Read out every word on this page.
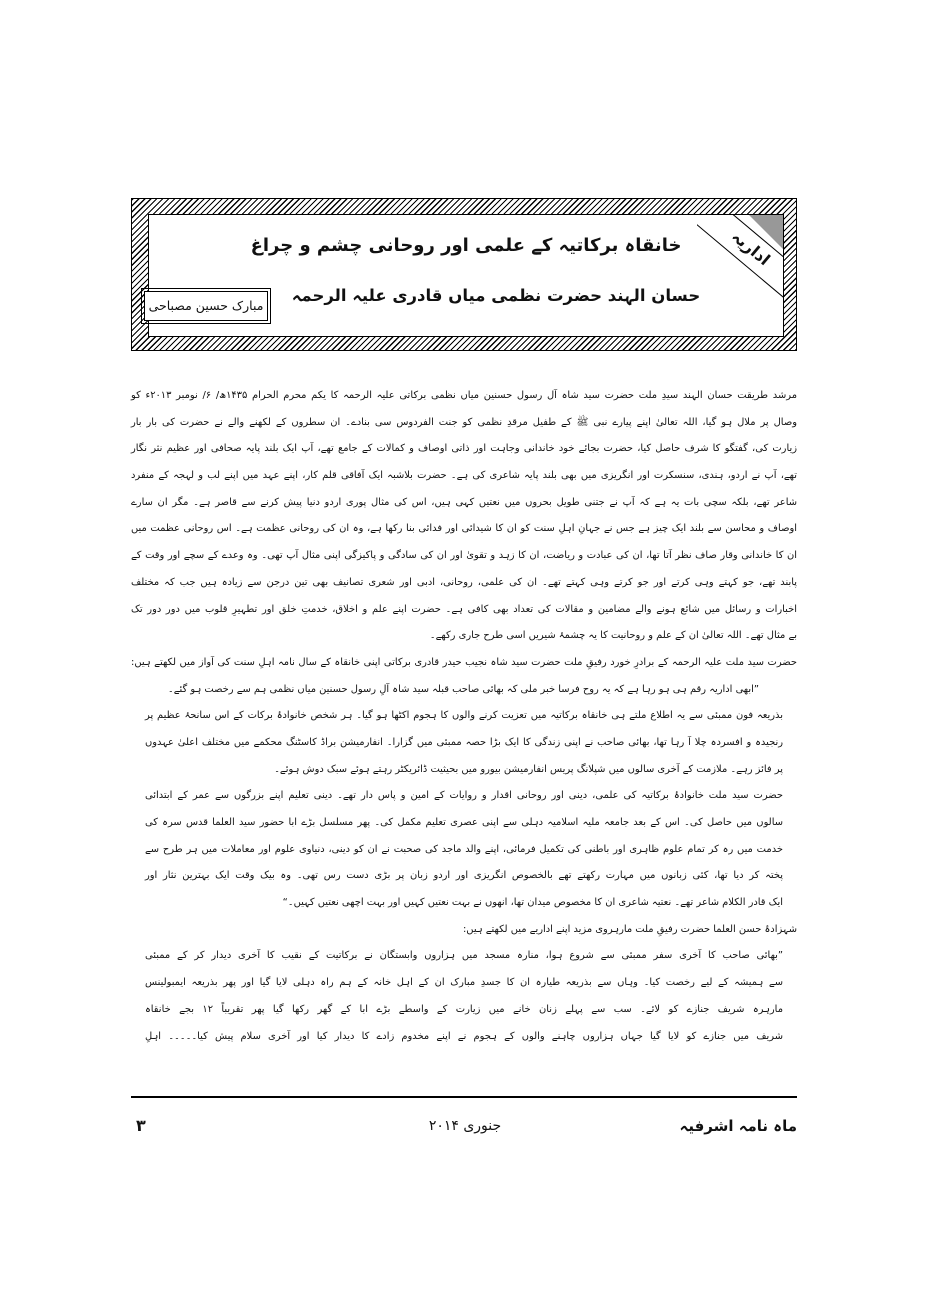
اداریہ
خانقاہ برکاتیہ کے علمی اور روحانی چشم و چراغ
حسان الہند حضرت نظمی میاں قادری علیہ الرحمہ
مبارک حسین مصباحی
مرشد طریقت حسان الہند سیدِ ملت حضرت سید شاہ آل رسول حسنین میاں نظمی برکاتی علیہ الرحمہ کا یکم محرم الحرام ۱۴۳۵ھ/ ۶/ نومبر ۲۰۱۳ء کو
وصال پر ملال ہو گیا، اللہ تعالیٰ اپنے پیارے نبی ﷺ کے طفیل مرقدِ نظمی کو جنت الفردوس سی بنادے۔ ان سطروں کے لکھنے والے نے حضرت کی بار بار
زیارت کی، گفتگو کا شرف حاصل کیا، حضرت بجائے خود خاندانی وجاہت اور ذاتی اوصاف و کمالات کے جامع تھے، آپ ایک بلند پایہ صحافی اور عظیم نثر نگار
تھے، آپ نے اردو، ہندی، سنسکرت اور انگریزی میں بھی بلند پایہ شاعری کی ہے۔ حضرت بلاشبہ ایک آفاقی قلم کار، اپنے عہد میں اپنے لب و لہجہ کے منفرد
شاعر تھے، بلکہ سچی بات یہ ہے کہ آپ نے جتنی طویل بحروں میں نعتیں کہی ہیں، اس کی مثال پوری اردو دنیا پیش کرنے سے قاصر ہے۔ مگر ان سارے
اوصاف و محاسن سے بلند ایک چیز ہے جس نے جہانِ اہلِ سنت کو ان کا شیدائی اور فدائی بنا رکھا ہے، وہ ان کی روحانی عظمت ہے۔ اس روحانی عظمت میں
ان کا خاندانی وقار صاف نظر آتا تھا، ان کی عبادت و ریاضت، ان کا زہد و تقویٰ اور ان کی سادگی و پاکیزگی اپنی مثال آپ تھی۔ وہ وعدے کے سچے اور وقت کے
پابند تھے، جو کہتے وہی کرتے اور جو کرتے وہی کہتے تھے۔ ان کی علمی، روحانی، ادبی اور شعری تصانیف بھی تین درجن سے زیادہ ہیں جب کہ مختلف
اخبارات و رسائل میں شائع ہونے والے مضامین و مقالات کی تعداد بھی کافی ہے۔ حضرت اپنے علم و اخلاق، خدمتِ خلق اور تطہیرِ قلوب میں دور دور تک
بے مثال تھے۔ اللہ تعالیٰ ان کے علم و روحانیت کا یہ چشمۂ شیریں اسی طرح جاری رکھے۔
حضرت سید ملت علیہ الرحمہ کے برادرِ خورد رفیقِ ملت حضرت سید شاہ نجیب حیدر قادری برکاتی اپنی خانقاہ کے سال نامہ اہلِ سنت کی آواز میں لکھتے ہیں:
”ابھی اداریہ رقم ہی ہو رہا ہے کہ یہ روح فرسا خبر ملی کہ بھائی صاحب قبلہ سید شاہ آلِ رسول حسنین میاں نظمی ہم سے رخصت ہو گئے۔
بذریعہ فون ممبئی سے یہ اطلاع ملتے ہی خانقاہ برکاتیہ میں تعزیت کرنے والوں کا ہجوم اکٹھا ہو گیا۔ ہر شخص خانوادۂ برکات کے اس سانحۂ عظیم پر
رنجیدہ و افسردہ چلا آ رہا تھا، بھائی صاحب نے اپنی زندگی کا ایک بڑا حصہ ممبئی میں گزارا۔ انفارمیشن براڈ کاسٹنگ محکمے میں مختلف اعلیٰ عہدوں
پر فائز رہے۔ ملازمت کے آخری سالوں میں شپلانگ پریس انفارمیشن بیورو میں بحیثیت ڈائریکٹر رہتے ہوئے سبک دوش ہوئے۔
حضرت سید ملت خانوادۂ برکاتیہ کی علمی، دینی اور روحانی اقدار و روایات کے امین و پاس دار تھے۔ دینی تعلیم اپنے بزرگوں سے عمر کے ابتدائی
سالوں میں حاصل کی۔ اس کے بعد جامعہ ملیہ اسلامیہ دہلی سے اپنی عصری تعلیم مکمل کی۔ پھر مسلسل بڑے ابا حضور سید العلما قدس سرہ کی
خدمت میں رہ کر تمام علوم ظاہری اور باطنی کی تکمیل فرمائی، اپنے والد ماجد کی صحبت نے ان کو دینی، دنیاوی علوم اور معاملات میں ہر طرح سے
پختہ کر دیا تھا، کئی زبانوں میں مہارت رکھتے تھے بالخصوص انگریزی اور اردو زبان پر بڑی دست رس تھی۔ وہ بیک وقت ایک بہترین نثار اور
ایک قادر الکلام شاعر تھے۔ نعتیہ شاعری ان کا مخصوص میدان تھا، انھوں نے بہت نعتیں کہیں اور بہت اچھی نعتیں کہیں۔“
شہزادۂ حسن العلما حضرت رفیقِ ملت مارہروی مزید اپنے اداریے میں لکھتے ہیں:
”بھائی صاحب کا آخری سفر ممبئی سے شروع ہوا، منارہ مسجد میں ہزاروں وابستگان نے برکاتیت کے نقیب کا آخری دیدار کر کے ممبئی
سے ہمیشہ کے لیے رخصت کیا۔ وہاں سے بذریعہ طیارہ ان کا جسدِ مبارک ان کے اہل خانہ کے ہم راہ دہلی لایا گیا اور پھر بذریعہ ایمبولینس
مارہرہ شریف جنازے کو لائے۔ سب سے پہلے زنان خانے میں زیارت کے واسطے بڑے ابا کے گھر رکھا گیا پھر تقریباً ۱۲ بجے خانقاہ
شریف میں جنازے کو لایا گیا جہاں ہزاروں چاہنے والوں کے ہجوم نے اپنے مخدوم زادے کا دیدار کیا اور آخری سلام پیش کیا۔۔۔۔۔ اہلِ
ماہ نامہ اشرفیہ
جنوری ۲۰۱۴
۳
